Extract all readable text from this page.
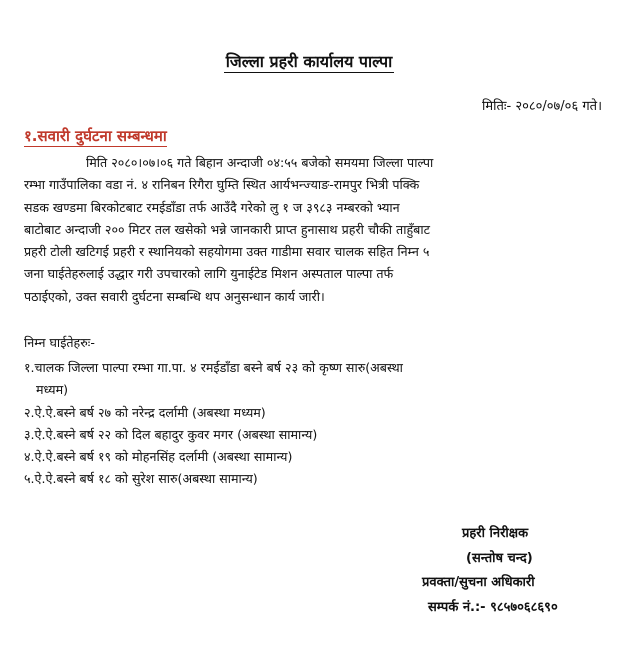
जिल्ला प्रहरी कार्यालय पाल्पा
मितिः- २०८०/०७/०६ गते।
१.सवारी दुर्घटना सम्बन्धमा
मिति २०८०।०७।०६ गते बिहान अन्दाजी ०४:५५ बजेको समयमा जिल्ला पाल्पा
रम्भा गाउँपालिका वडा नं. ४ रानिबन रिगैरा घुम्ति स्थित आर्यभन्ज्याङ-रामपुर भित्री पक्कि
सडक खण्डमा बिरकोटबाट रमईडाँडा तर्फ आउँदै गरेको लु १ ज ३९८३ नम्बरको भ्यान
बाटोबाट अन्दाजी २०० मिटर तल खसेको भन्ने जानकारी प्राप्त हुनासाथ प्रहरी चौकी ताहुँबाट
प्रहरी टोली खटिगई प्रहरी र स्थानियको सहयोगमा उक्त गाडीमा सवार चालक सहित निम्न ५
जना घाईतेहरुलाई उद्धार गरी उपचारको लागि युनाईटेड मिशन अस्पताल पाल्पा तर्फ
पठाईएको, उक्त सवारी दुर्घटना सम्बन्धि थप अनुसन्धान कार्य जारी।
निम्न घाईतेहरुः-
१.चालक जिल्ला पाल्पा रम्भा गा.पा. ४ रमईडाँडा बस्ने बर्ष २३ को कृष्ण सारु(अबस्था
मध्यम)
२.ऐ.ऐ.बस्ने बर्ष २७ को नरेन्द्र दर्लामी (अबस्था मध्यम)
३.ऐ.ऐ.बस्ने बर्ष २२ को दिल बहादुर कुवर मगर (अबस्था सामान्य)
४.ऐ.ऐ.बस्ने बर्ष १९ को मोहनसिंह दर्लामी (अबस्था सामान्य)
५.ऐ.ऐ.बस्ने बर्ष १८ को सुरेश सारु(अबस्था सामान्य)
प्रहरी निरीक्षक
(सन्तोष चन्द)
प्रवक्ता/सुचना अधिकारी
सम्पर्क नं.:- ९८५७०६८६९०
